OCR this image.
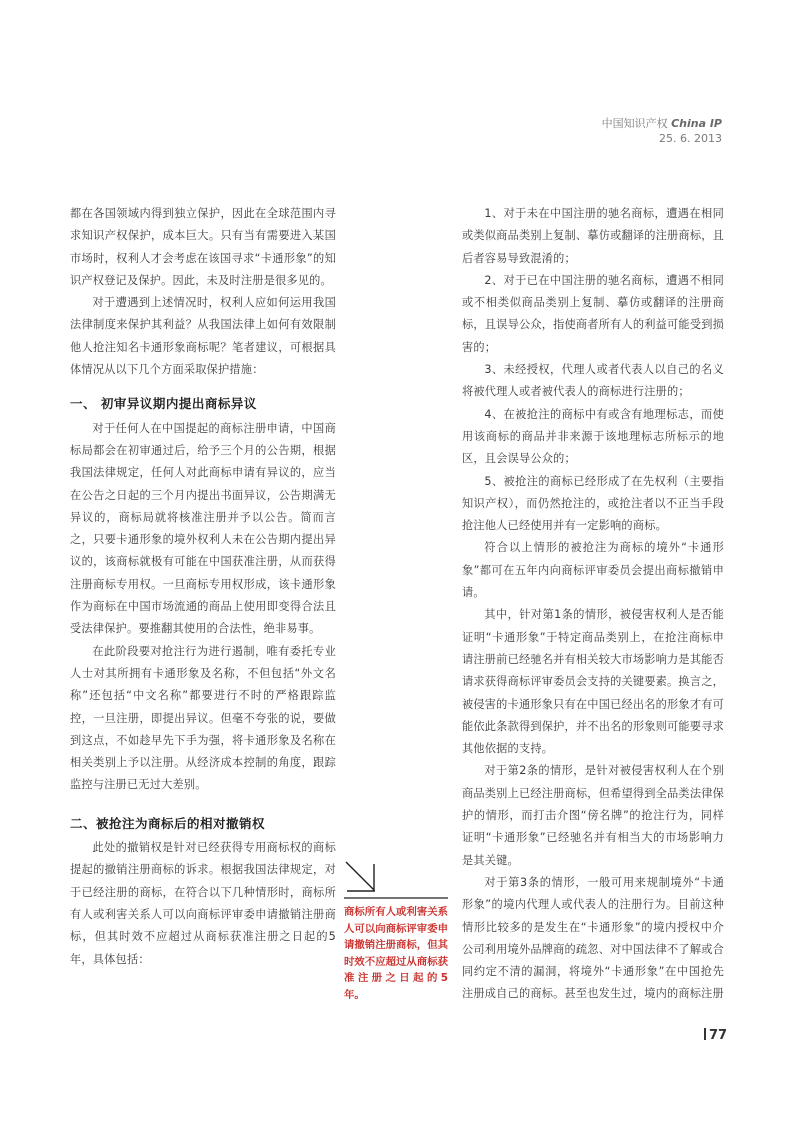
中国知识产权 China IP
25. 6. 2013

都在各国领域内得到独立保护，因此在全球范围内寻求知识产权保护，成本巨大。只有当有需要进入某国市场时，权利人才会考虑在该国寻求“卡通形象”的知识产权登记及保护。因此，未及时注册是很多见的。

对于遭遇到上述情况时，权利人应如何运用我国法律制度来保护其利益？从我国法律上如何有效限制他人抢注知名卡通形象商标呢？笔者建议，可根据具体情况从以下几个方面采取保护措施：

一、 初审异议期内提出商标异议

对于任何人在中国提起的商标注册申请，中国商标局都会在初审通过后，给予三个月的公告期，根据我国法律规定，任何人对此商标申请有异议的，应当在公告之日起的三个月内提出书面异议，公告期满无异议的，商标局就将核准注册并予以公告。简而言之，只要卡通形象的境外权利人未在公告期内提出异议的，该商标就极有可能在中国获准注册，从而获得注册商标专用权。一旦商标专用权形成，该卡通形象作为商标在中国市场流通的商品上使用即变得合法且受法律保护。要推翻其使用的合法性，绝非易事。

在此阶段要对抢注行为进行遏制，唯有委托专业人士对其所拥有卡通形象及名称，不但包括“外文名称”还包括“中文名称”都要进行不时的严格跟踪监控，一旦注册，即提出异议。但毫不夸张的说，要做到这点，不如趁早先下手为强，将卡通形象及名称在相关类别上予以注册。从经济成本控制的角度，跟踪监控与注册已无过大差别。

二、被抢注为商标后的相对撤销权

此处的撤销权是针对已经获得专用商标权的商标提起的撤销注册商标的诉求。根据我国法律规定，对于已经注册的商标，在符合以下几种情形时，商标所有人或利害关系人可以向商标评审委申请撤销注册商标，但其时效不应超过从商标获准注册之日起的5年，具体包括：

商标所有人或利害关系人可以向商标评审委申请撤销注册商标，但其时效不应超过从商标获准注册之日起的5 年。

1、对于未在中国注册的驰名商标，遭遇在相同或类似商品类别上复制、摹仿或翻译的注册商标，且后者容易导致混淆的；

2、对于已在中国注册的驰名商标，遭遇不相同或不相类似商品类别上复制、摹仿或翻译的注册商标，且误导公众，指使商者所有人的利益可能受到损害的；

3、未经授权，代理人或者代表人以自己的名义将被代理人或者被代表人的商标进行注册的；

4、在被抢注的商标中有或含有地理标志，而使用该商标的商品并非来源于该地理标志所标示的地区，且会误导公众的；

5、被抢注的商标已经形成了在先权利（主要指知识产权），而仍然抢注的，或抢注者以不正当手段抢注他人已经使用并有一定影响的商标。

符合以上情形的被抢注为商标的境外“卡通形象”都可在五年内向商标评审委员会提出商标撤销申请。

其中，针对第1条的情形，被侵害权利人是否能证明“卡通形象”于特定商品类别上，在抢注商标申请注册前已经驰名并有相关较大市场影响力是其能否请求获得商标评审委员会支持的关键要素。换言之，被侵害的卡通形象只有在中国已经出名的形象才有可能依此条款得到保护，并不出名的形象则可能要寻求其他依据的支持。

对于第2条的情形，是针对被侵害权利人在个别商品类别上已经注册商标，但希望得到全品类法律保护的情形，而打击介图“傍名牌”的抢注行为，同样证明“卡通形象”已经驰名并有相当大的市场影响力是其关键。

对于第3条的情形，一般可用来规制境外“卡通形象”的境内代理人或代表人的注册行为。目前这种情形比较多的是发生在“卡通形象”的境内授权中介公司利用境外品牌商的疏忽、对中国法律不了解或合同约定不清的漏洞，将境外“卡通形象”在中国抢先注册成自己的商标。甚至也发生过，境内的商标注册

77
